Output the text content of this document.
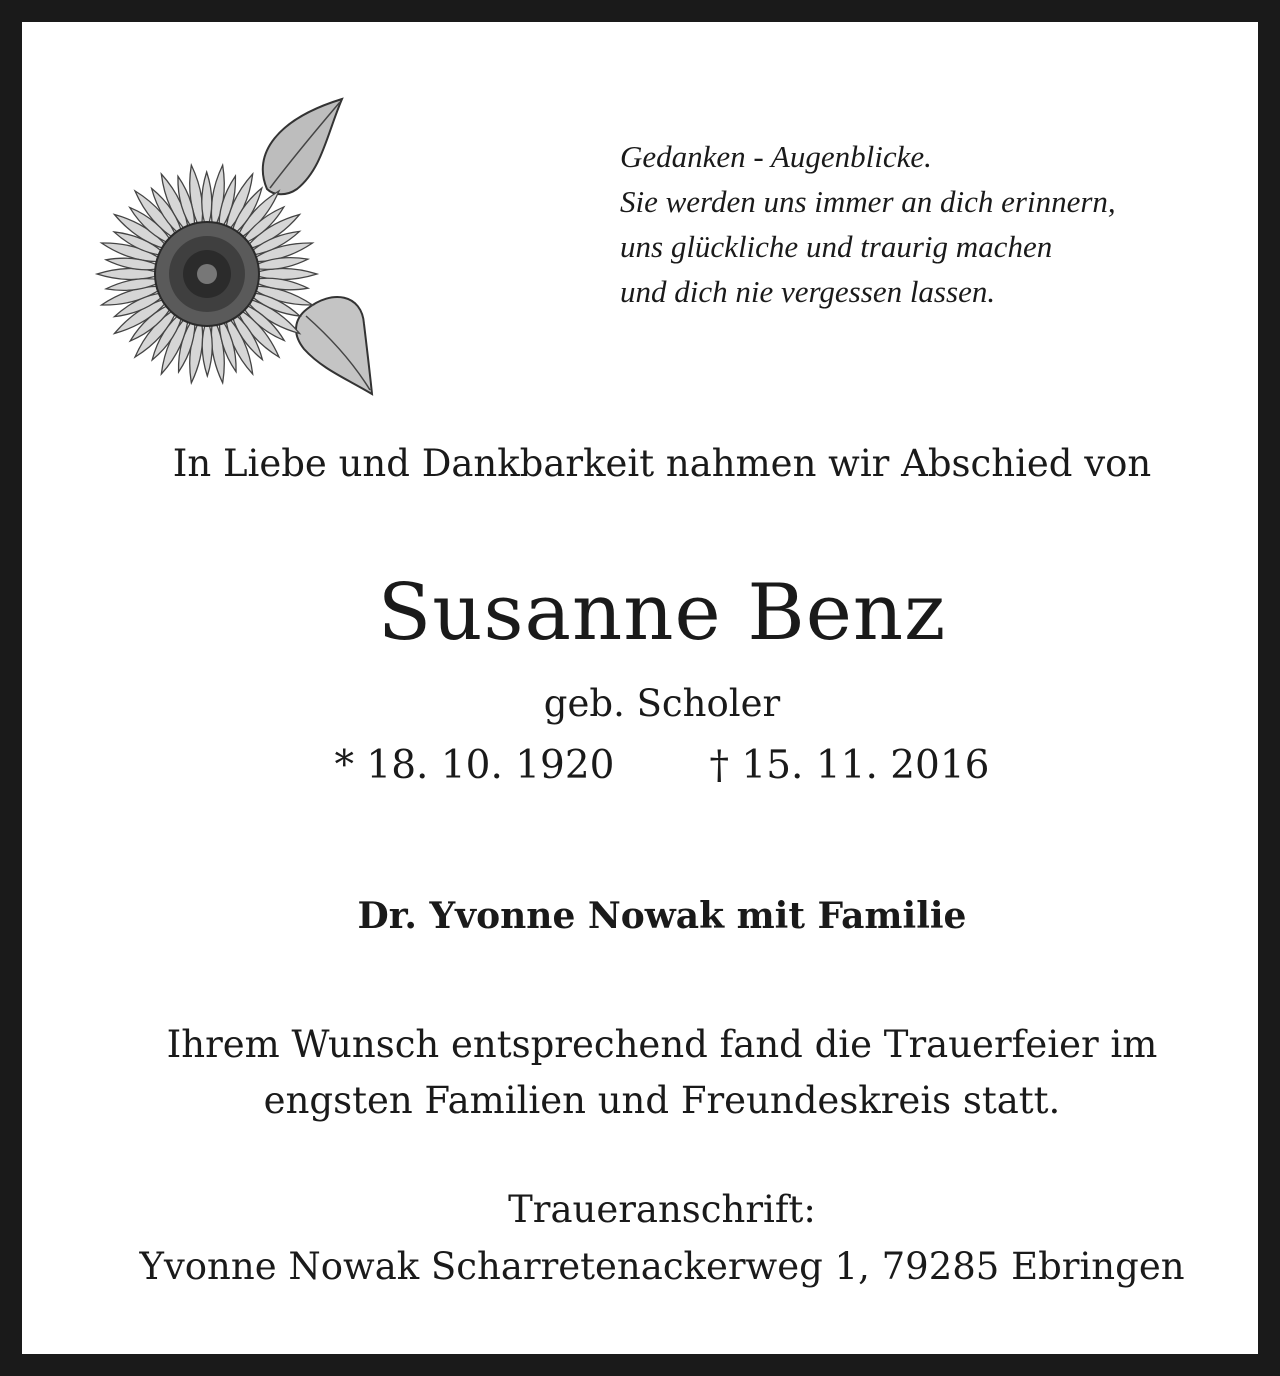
Gedanken - Augenblicke.
Sie werden uns immer an dich erinnern,
uns glückliche und traurig machen
und dich nie vergessen lassen.
In Liebe und Dankbarkeit nahmen wir Abschied von
Susanne Benz
geb. Scholer
* 18. 10. 1920 † 15. 11. 2016
Dr. Yvonne Nowak mit Familie
Ihrem Wunsch entsprechend fand die Trauerfeier im
engsten Familien und Freundeskreis statt.
Traueranschrift:
Yvonne Nowak Scharretenackerweg 1, 79285 Ebringen
